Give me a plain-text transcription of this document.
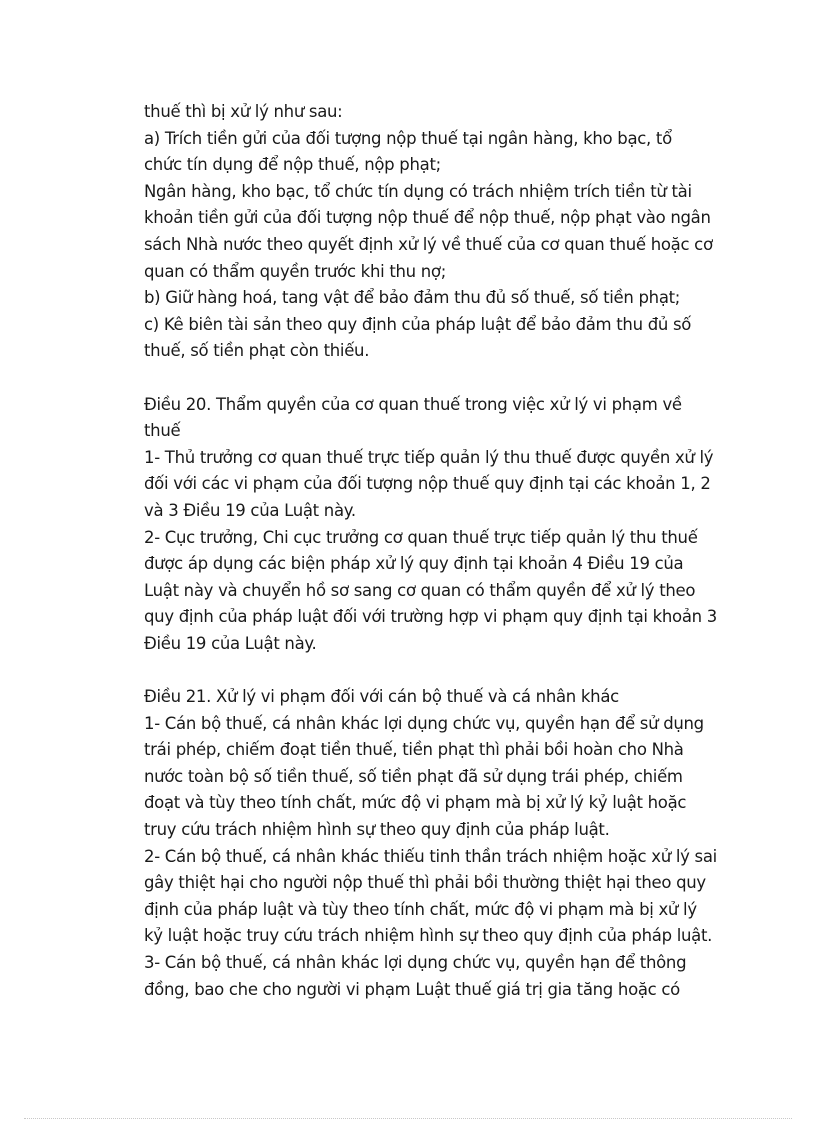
thuế thì bị xử lý như sau:
a) Trích tiền gửi của đối tượng nộp thuế tại ngân hàng, kho bạc, tổ
chức tín dụng để nộp thuế, nộp phạt;
Ngân hàng, kho bạc, tổ chức tín dụng có trách nhiệm trích tiền từ tài
khoản tiền gửi của đối tượng nộp thuế để nộp thuế, nộp phạt vào ngân
sách Nhà nước theo quyết định xử lý về thuế của cơ quan thuế hoặc cơ
quan có thẩm quyền trước khi thu nợ;
b) Giữ hàng hoá, tang vật để bảo đảm thu đủ số thuế, số tiền phạt;
c) Kê biên tài sản theo quy định của pháp luật để bảo đảm thu đủ số
thuế, số tiền phạt còn thiếu.
Điều 20. Thẩm quyền của cơ quan thuế trong việc xử lý vi phạm về
thuế
1- Thủ trưởng cơ quan thuế trực tiếp quản lý thu thuế được quyền xử lý
đối với các vi phạm của đối tượng nộp thuế quy định tại các khoản 1, 2
và 3 Điều 19 của Luật này.
2- Cục trưởng, Chi cục trưởng cơ quan thuế trực tiếp quản lý thu thuế
được áp dụng các biện pháp xử lý quy định tại khoản 4 Điều 19 của
Luật này và chuyển hồ sơ sang cơ quan có thẩm quyền để xử lý theo
quy định của pháp luật đối với trường hợp vi phạm quy định tại khoản 3
Điều 19 của Luật này.
Điều 21. Xử lý vi phạm đối với cán bộ thuế và cá nhân khác
1- Cán bộ thuế, cá nhân khác lợi dụng chức vụ, quyền hạn để sử dụng
trái phép, chiếm đoạt tiền thuế, tiền phạt thì phải bồi hoàn cho Nhà
nước toàn bộ số tiền thuế, số tiền phạt đã sử dụng trái phép, chiếm
đoạt và tùy theo tính chất, mức độ vi phạm mà bị xử lý kỷ luật hoặc
truy cứu trách nhiệm hình sự theo quy định của pháp luật.
2- Cán bộ thuế, cá nhân khác thiếu tinh thần trách nhiệm hoặc xử lý sai
gây thiệt hại cho người nộp thuế thì phải bồi thường thiệt hại theo quy
định của pháp luật và tùy theo tính chất, mức độ vi phạm mà bị xử lý
kỷ luật hoặc truy cứu trách nhiệm hình sự theo quy định của pháp luật.
3- Cán bộ thuế, cá nhân khác lợi dụng chức vụ, quyền hạn để thông
đồng, bao che cho người vi phạm Luật thuế giá trị gia tăng hoặc có
